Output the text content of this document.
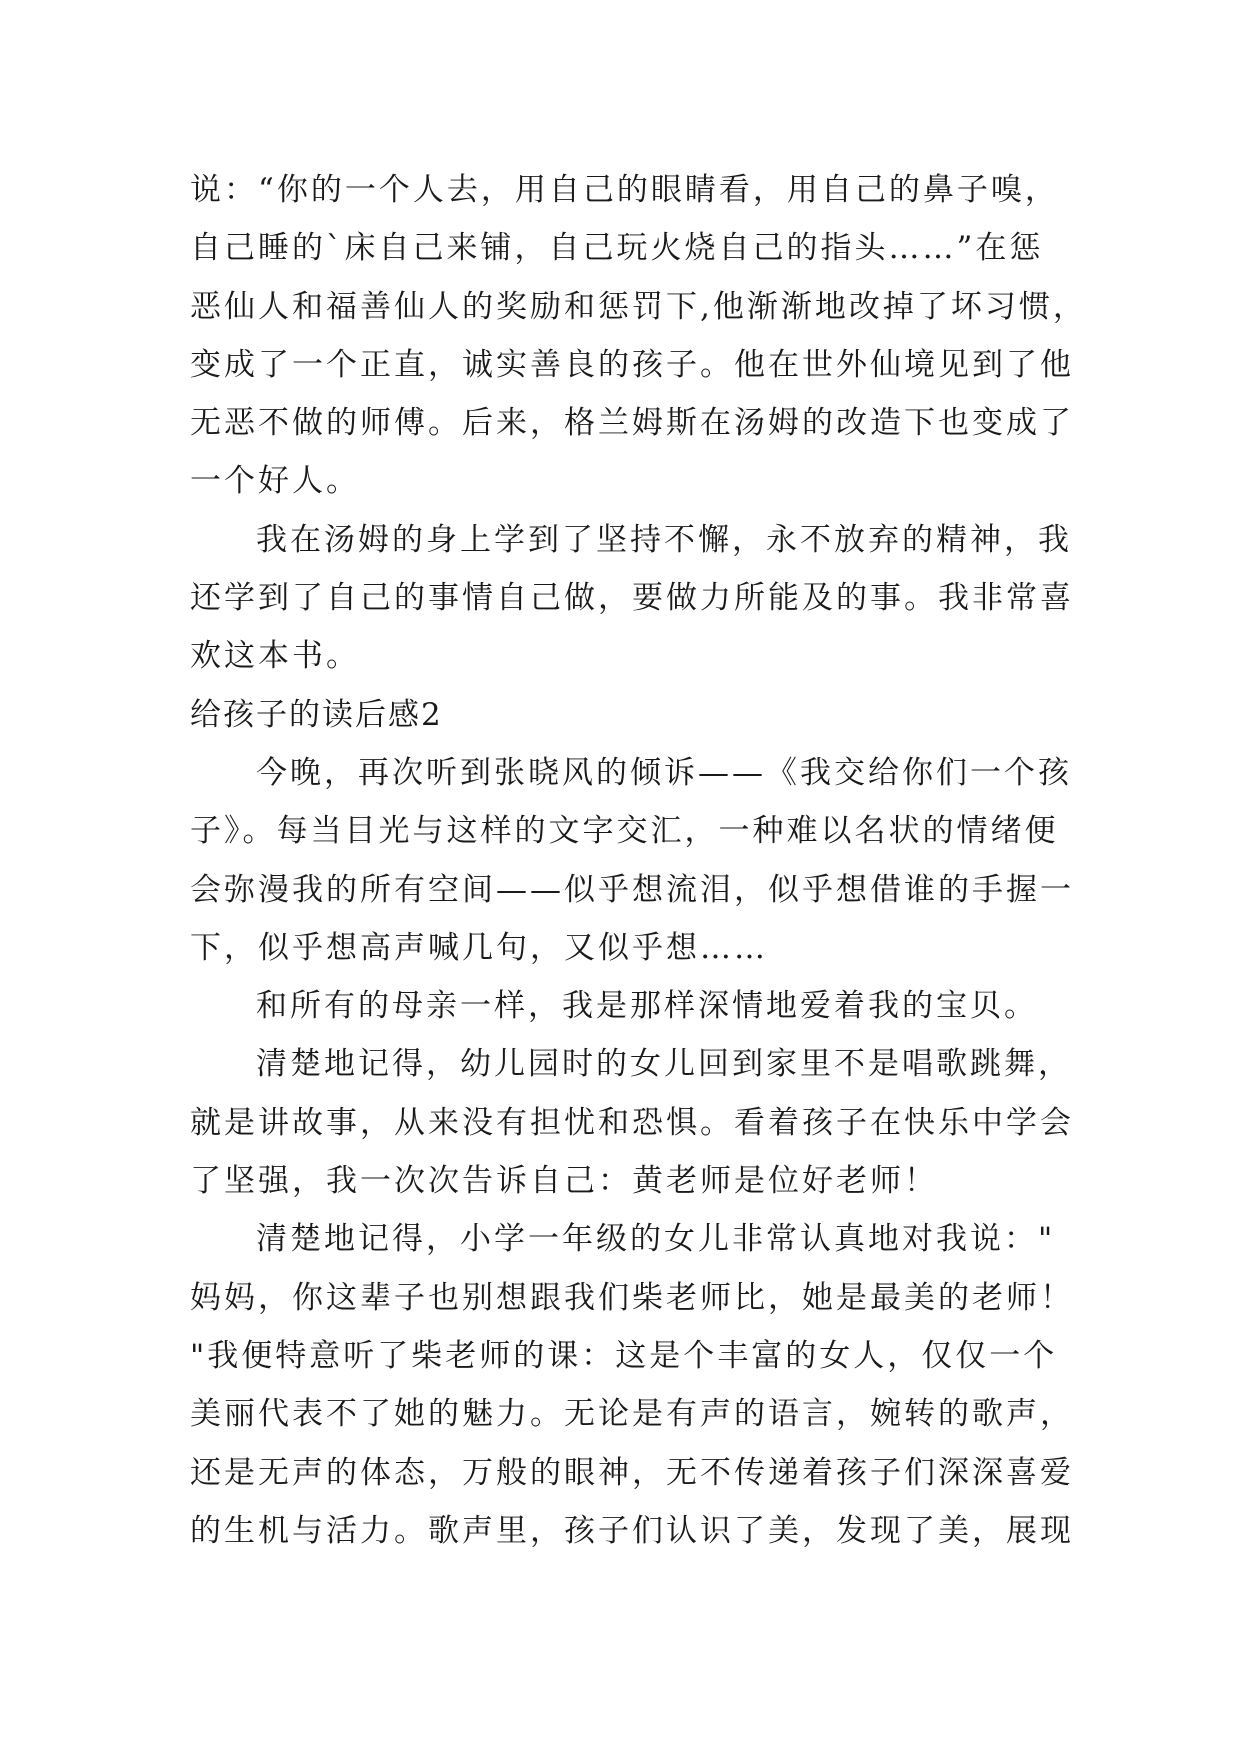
说：“你的一个人去，用自己的眼睛看，用自己的鼻子嗅，
自己睡的`床自己来铺，自己玩火烧自己的指头……”在惩
恶仙人和福善仙人的奖励和惩罚下,他渐渐地改掉了坏习惯，
变成了一个正直，诚实善良的孩子。他在世外仙境见到了他
无恶不做的师傅。后来，格兰姆斯在汤姆的改造下也变成了
一个好人。
我在汤姆的身上学到了坚持不懈，永不放弃的精神，我
还学到了自己的事情自己做，要做力所能及的事。我非常喜
欢这本书。
给孩子的读后感2
今晚，再次听到张晓风的倾诉——《我交给你们一个孩
子》。每当目光与这样的文字交汇，一种难以名状的情绪便
会弥漫我的所有空间——似乎想流泪，似乎想借谁的手握一
下，似乎想高声喊几句，又似乎想……
和所有的母亲一样，我是那样深情地爱着我的宝贝。
清楚地记得，幼儿园时的女儿回到家里不是唱歌跳舞，
就是讲故事，从来没有担忧和恐惧。看着孩子在快乐中学会
了坚强，我一次次告诉自己：黄老师是位好老师！
清楚地记得，小学一年级的女儿非常认真地对我说："
妈妈，你这辈子也别想跟我们柴老师比，她是最美的老师！
"我便特意听了柴老师的课：这是个丰富的女人，仅仅一个
美丽代表不了她的魅力。无论是有声的语言，婉转的歌声，
还是无声的体态，万般的眼神，无不传递着孩子们深深喜爱
的生机与活力。歌声里，孩子们认识了美，发现了美，展现
